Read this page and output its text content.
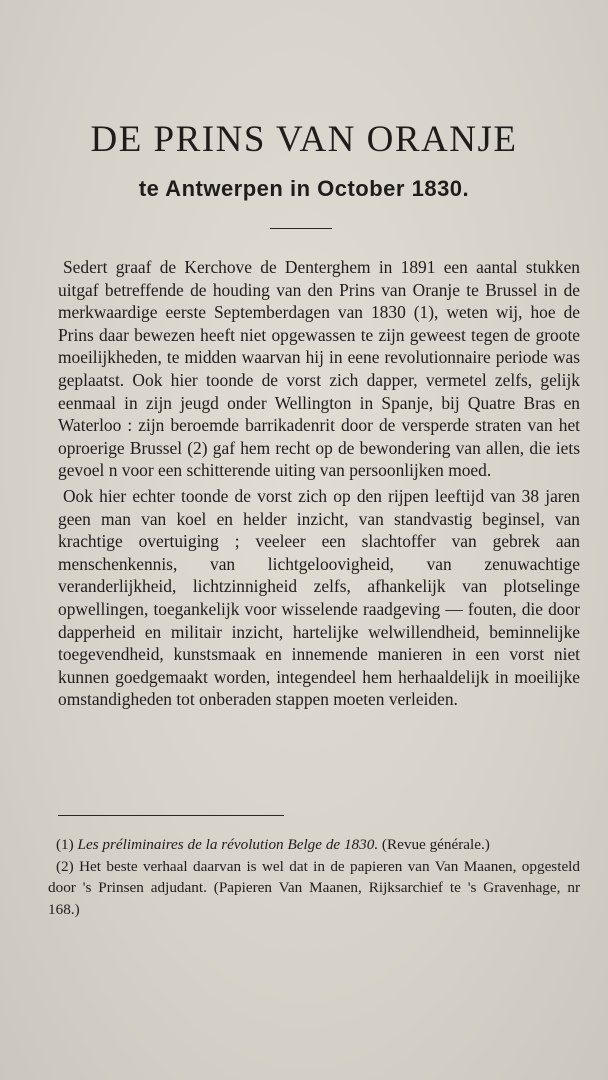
DE PRINS VAN ORANJE
te Antwerpen in October 1830.

Sedert graaf de Kerchove de Denterghem in 1891 een aantal stukken uitgaf betreffende de houding van den Prins van Oranje te Brussel in de merkwaardige eerste Septemberdagen van 1830 (1), weten wij, hoe de Prins daar bewezen heeft niet opgewassen te zijn geweest tegen de groote moeilijkheden, te midden waarvan hij in eene revolutionnaire periode was geplaatst. Ook hier toonde de vorst zich dapper, vermetel zelfs, gelijk eenmaal in zijn jeugd onder Wellington in Spanje, bij Quatre Bras en Waterloo : zijn beroemde barrikadenrit door de versperde straten van het oproerige Brussel (2) gaf hem recht op de bewondering van allen, die iets gevoel n voor een schitterende uiting van persoonlijken moed.

Ook hier echter toonde de vorst zich op den rijpen leeftijd van 38 jaren geen man van koel en helder inzicht, van standvastig beginsel, van krachtige overtuiging ; veeleer een slachtoffer van gebrek aan menschenkennis, van lichtgeloovigheid, van zenuwachtige veranderlijkheid, lichtzinnigheid zelfs, afhankelijk van plotselinge opwellingen, toegankelijk voor wisselende raadgeving — fouten, die door dapperheid en militair inzicht, hartelijke welwillendheid, beminnelijke toegevendheid, kunstsmaak en innemende manieren in een vorst niet kunnen goedgemaakt worden, integendeel hem herhaaldelijk in moeilijke omstandigheden tot onberaden stappen moeten verleiden.

(1) Les préliminaires de la révolution Belge de 1830. (Revue générale.)

(2) Het beste verhaal daarvan is wel dat in de papieren van Van Maanen, opgesteld door 's Prinsen adjudant. (Papieren Van Maanen, Rijksarchief te 's Gravenhage, nr 168.)
